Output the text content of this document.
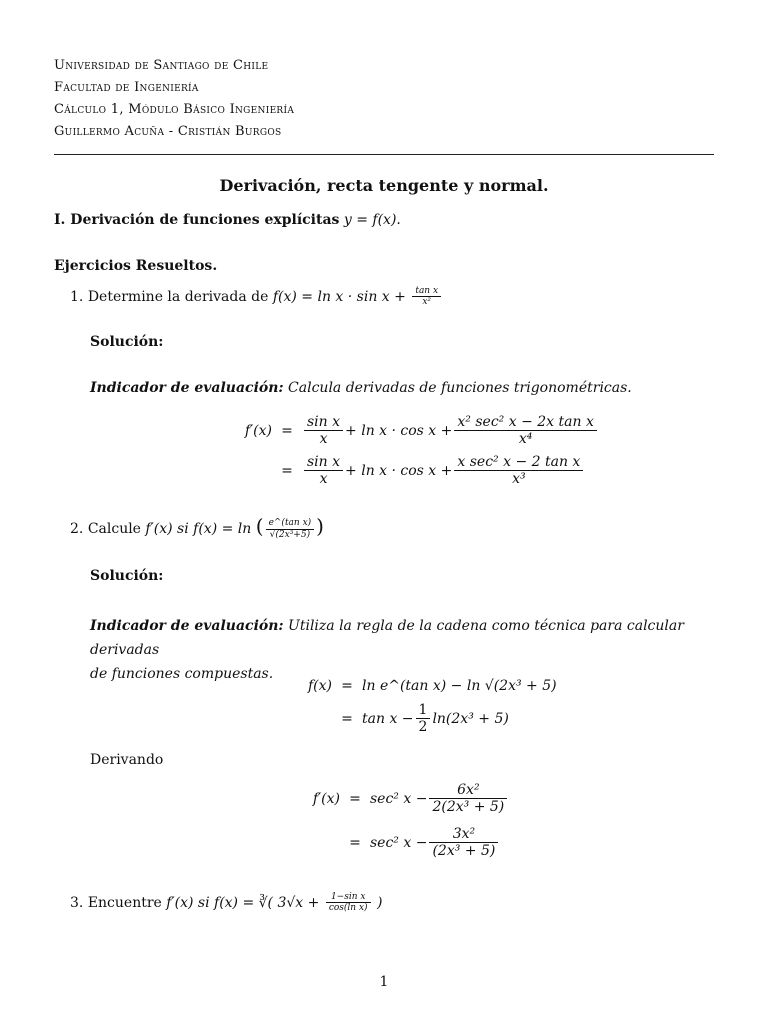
Universidad de Santiago de Chile
Facultad de Ingeniería
Cálculo 1, Módulo Básico Ingeniería
Guillermo Acuña - Cristián Burgos
Derivación, recta tengente y normal.
I. Derivación de funciones explícitas y = f(x).
Ejercicios Resueltos.
1. Determine la derivada de $f(x) = \ln x \cdot \sin x + \frac{\text{tan x}}{\text{x²}}$
Solución:
Indicador de evaluación: Calcula derivadas de funciones trigonométricas.
$f'(x) = \frac{\text{sin x}}{x} + \ln x \cdot \cos x + \frac{\text{x² sec² x − 2x tan x}}{\text{x⁴}}$
= $\frac{\text{sin x}}{x} + \ln x \cdot \cos x + \frac{\text{x sec² x − 2 tan x}}{\text{x³}}$
2. Calcule f′(x) si f(x) = ln ( $\frac{\text{e\textasciicircum{}(tan x)}}{\text{√(2x³+5)}}$ )
Solución:
Indicador de evaluación: Utiliza la regla de la cadena como técnica para calcular derivadas
de funciones compuestas.
f(x) = ln e^(tan x) − ln √(2x³ + 5)
= $\tan x - \frac{1}{2} \ln(2x^3 + 5)$
Derivando
f′(x) = sec² $x - \frac{\text{6x²}}{\text{2(2x³ + 5)}}$
= sec² $x - \frac{\text{3x²}}{\text{(2x³ + 5)}}$
3. Encuentre f′(x) si f(x) = ∛( $3√x + \frac{\text{1−sin x}}{\text{cos(ln x)}}$ )
1
